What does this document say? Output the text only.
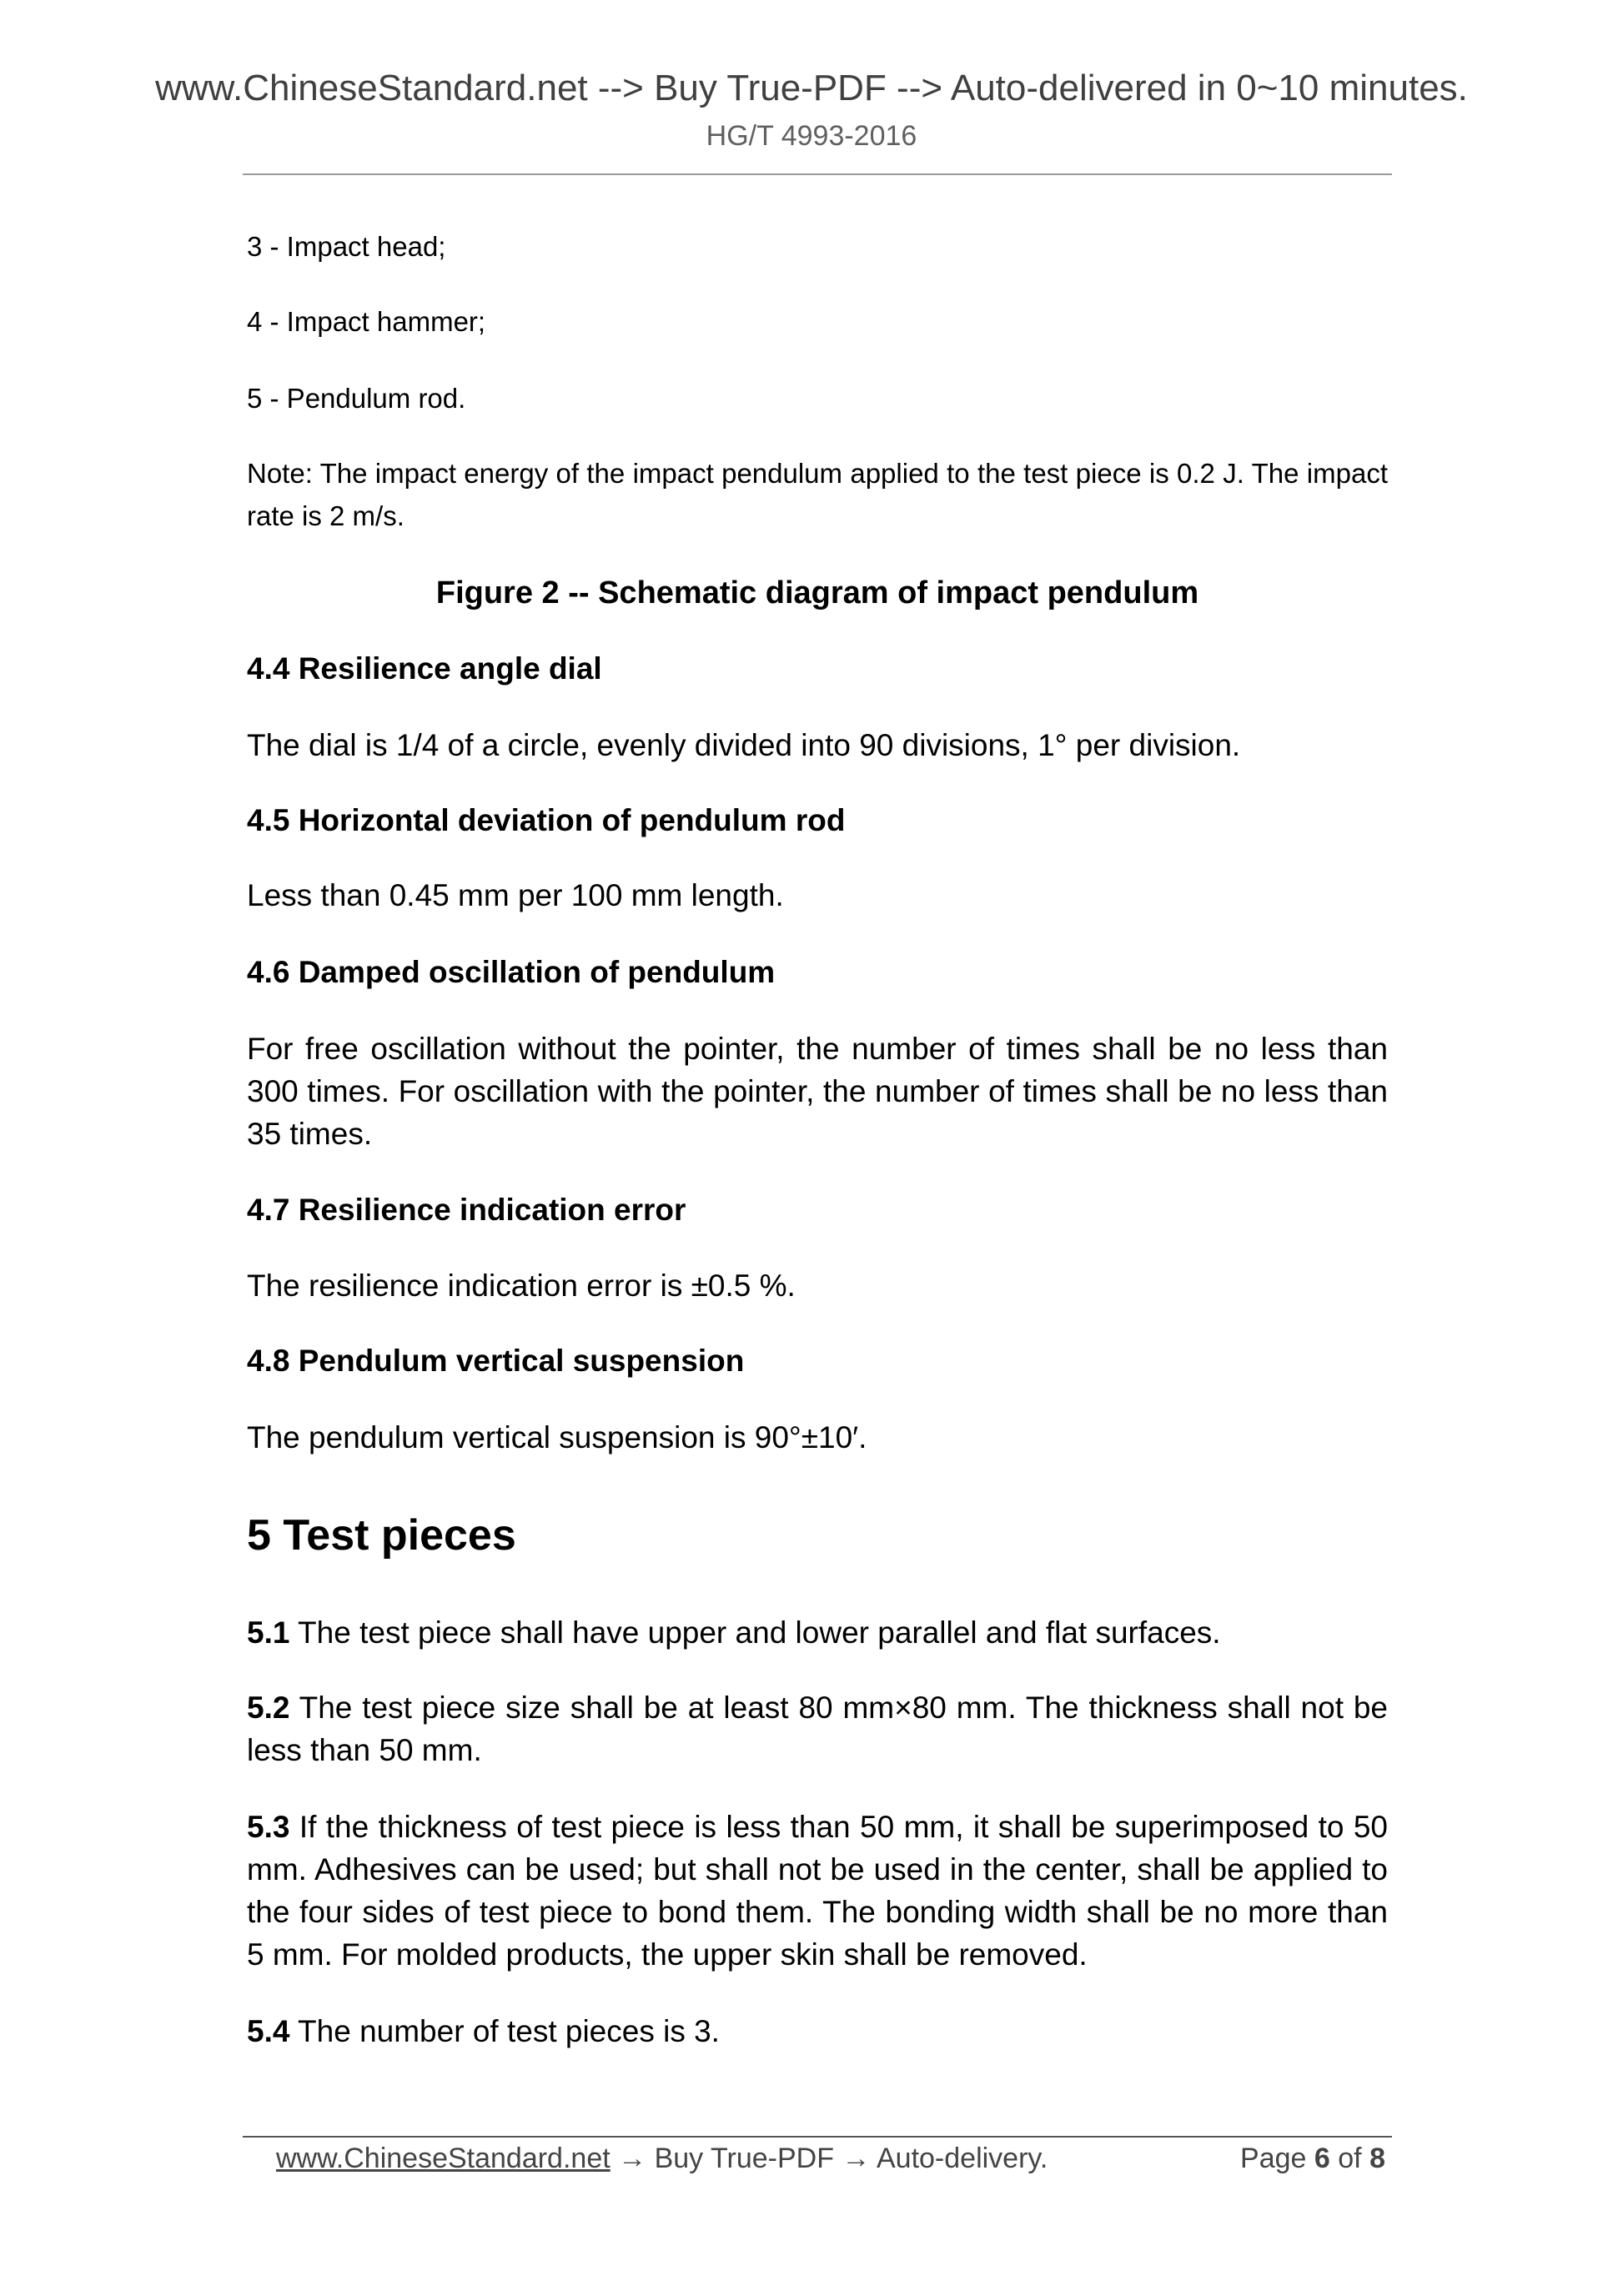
www.ChineseStandard.net --> Buy True-PDF --> Auto-delivered in 0~10 minutes.
HG/T 4993-2016
3 - Impact head;
4 - Impact hammer;
5 - Pendulum rod.
Note: The impact energy of the impact pendulum applied to the test piece is 0.2 J. The impact rate is 2 m/s.
Figure 2 -- Schematic diagram of impact pendulum
4.4 Resilience angle dial
The dial is 1/4 of a circle, evenly divided into 90 divisions, 1° per division.
4.5 Horizontal deviation of pendulum rod
Less than 0.45 mm per 100 mm length.
4.6 Damped oscillation of pendulum
For free oscillation without the pointer, the number of times shall be no less than 300 times. For oscillation with the pointer, the number of times shall be no less than 35 times.
4.7 Resilience indication error
The resilience indication error is ±0.5 %.
4.8 Pendulum vertical suspension
The pendulum vertical suspension is 90°±10′.
5 Test pieces
5.1 The test piece shall have upper and lower parallel and flat surfaces.
5.2 The test piece size shall be at least 80 mm×80 mm. The thickness shall not be less than 50 mm.
5.3 If the thickness of test piece is less than 50 mm, it shall be superimposed to 50 mm. Adhesives can be used; but shall not be used in the center, shall be applied to the four sides of test piece to bond them. The bonding width shall be no more than 5 mm. For molded products, the upper skin shall be removed.
5.4 The number of test pieces is 3.
www.ChineseStandard.net → Buy True-PDF → Auto-delivery.	Page 6 of 8
